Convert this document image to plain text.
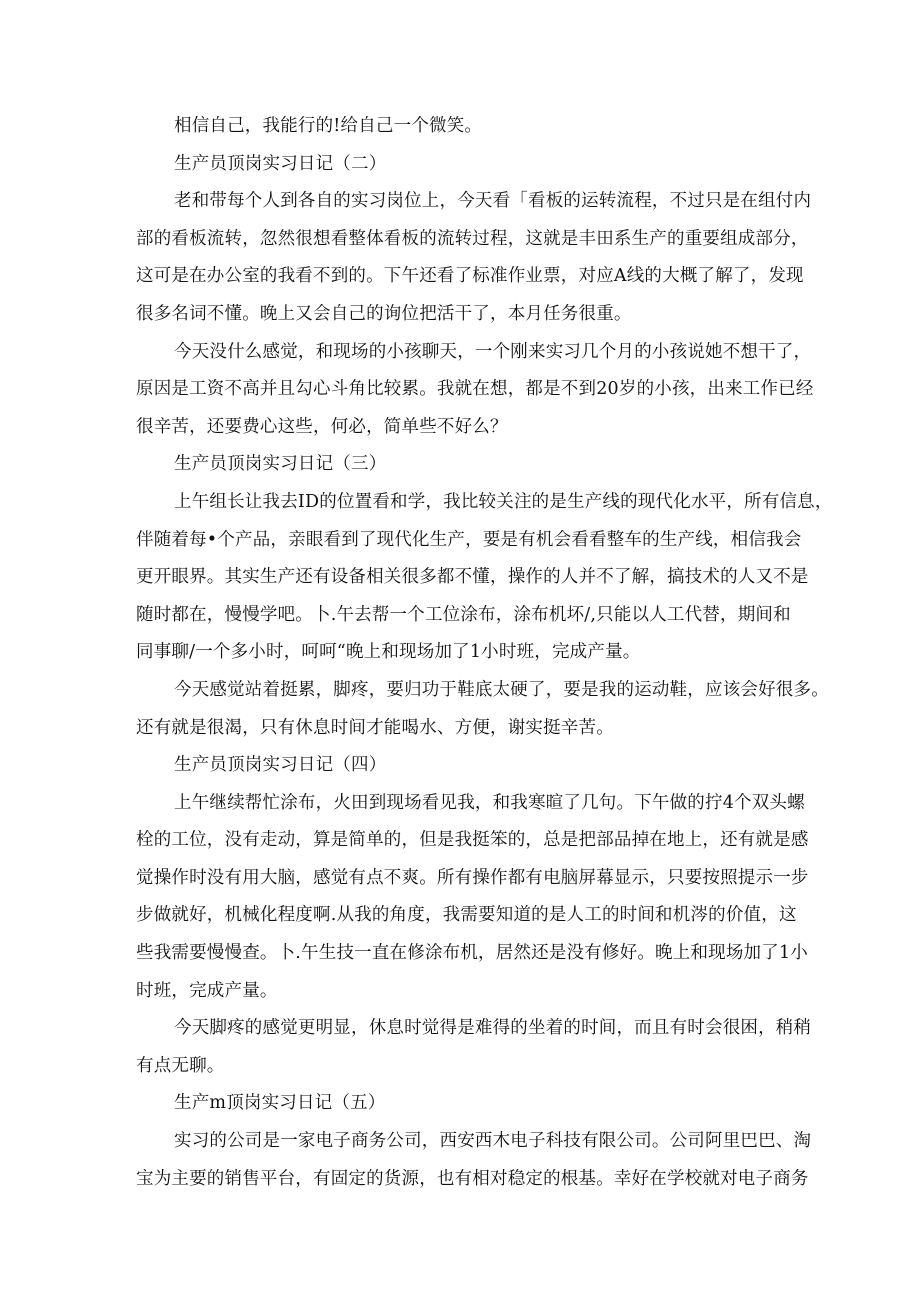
相信自己，我能行的!给自己一个微笑。
生产员顶岗实习日记（二）
老和带每个人到各自的实习岗位上，今天看「看板的运转流程，不过只是在组付内
部的看板流转，忽然很想看整体看板的流转过程，这就是丰田系生产的重要组成部分，
这可是在办公室的我看不到的。下午还看了标准作业票，对应A线的大概了解了，发现
很多名词不懂。晚上又会自己的询位把活干了，本月任务很重。
今天没什么感觉，和现场的小孩聊天，一个刚来实习几个月的小孩说她不想干了，
原因是工资不高并且勾心斗角比较累。我就在想，都是不到20岁的小孩，出来工作已经
很辛苦，还要费心这些，何必，简单些不好么？
生产员顶岗实习日记（三）
上午组长让我去ID的位置看和学，我比较关注的是生产线的现代化水平，所有信息，
伴随着每•个产品，亲眼看到了现代化生产，要是有机会看看整车的生产线，相信我会
更开眼界。其实生产还有设备相关很多都不懂，操作的人并不了解，搞技术的人又不是
随时都在，慢慢学吧。卜.午去帮一个工位涂布，涂布机坏/,只能以人工代替，期间和
同事聊/一个多小时，呵呵“晚上和现场加了1小时班，完成产量。
今天感觉站着挺累，脚疼，要归功于鞋底太硬了，要是我的运动鞋，应该会好很多。
还有就是很渴，只有休息时间才能喝水、方便，谢实挺辛苦。
生产员顶岗实习日记（四）
上午继续帮忙涂布，火田到现场看见我，和我寒暄了几句。下午做的拧4个双头螺
栓的工位，没有走动，算是简单的，但是我挺笨的，总是把部品掉在地上，还有就是感
觉操作时没有用大脑，感觉有点不爽。所有操作都有电脑屏幕显示，只要按照提示一步
步做就好，机械化程度啊.从我的角度，我需要知道的是人工的时间和机涔的价值，这
些我需要慢慢查。卜.午生技一直在修涂布机，居然还是没有修好。晚上和现场加了1小
时班，完成产量。
今天脚疼的感觉更明显，休息时觉得是难得的坐着的时间，而且有时会很困，稍稍
有点无聊。
生产m顶岗实习日记（五）
实习的公司是一家电子商务公司，西安西木电子科技有限公司。公司阿里巴巴、淘
宝为主要的销售平台，有固定的货源，也有相对稳定的根基。幸好在学校就对电子商务
